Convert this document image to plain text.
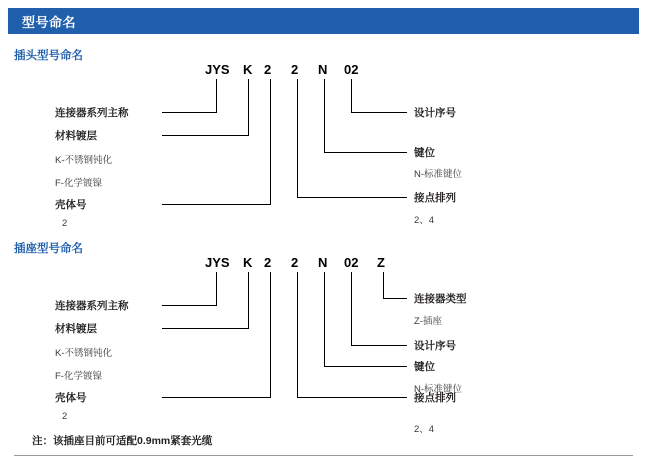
型号命名
插头型号命名
JYS K 2 2 N 02
连接器系列主称
材料镀层
K-不锈钢钝化
F-化学镀镍
壳体号
2
设计序号
键位
N-标准键位
接点排列
2、4
插座型号命名
JYS K 2 2 N 02 Z
连接器系列主称
材料镀层
K-不锈钢钝化
F-化学镀镍
壳体号
2
连接器类型
Z-插座
设计序号
键位
N-标准键位
接点排列
2、4
注：该插座目前可适配0.9mm紧套光缆
